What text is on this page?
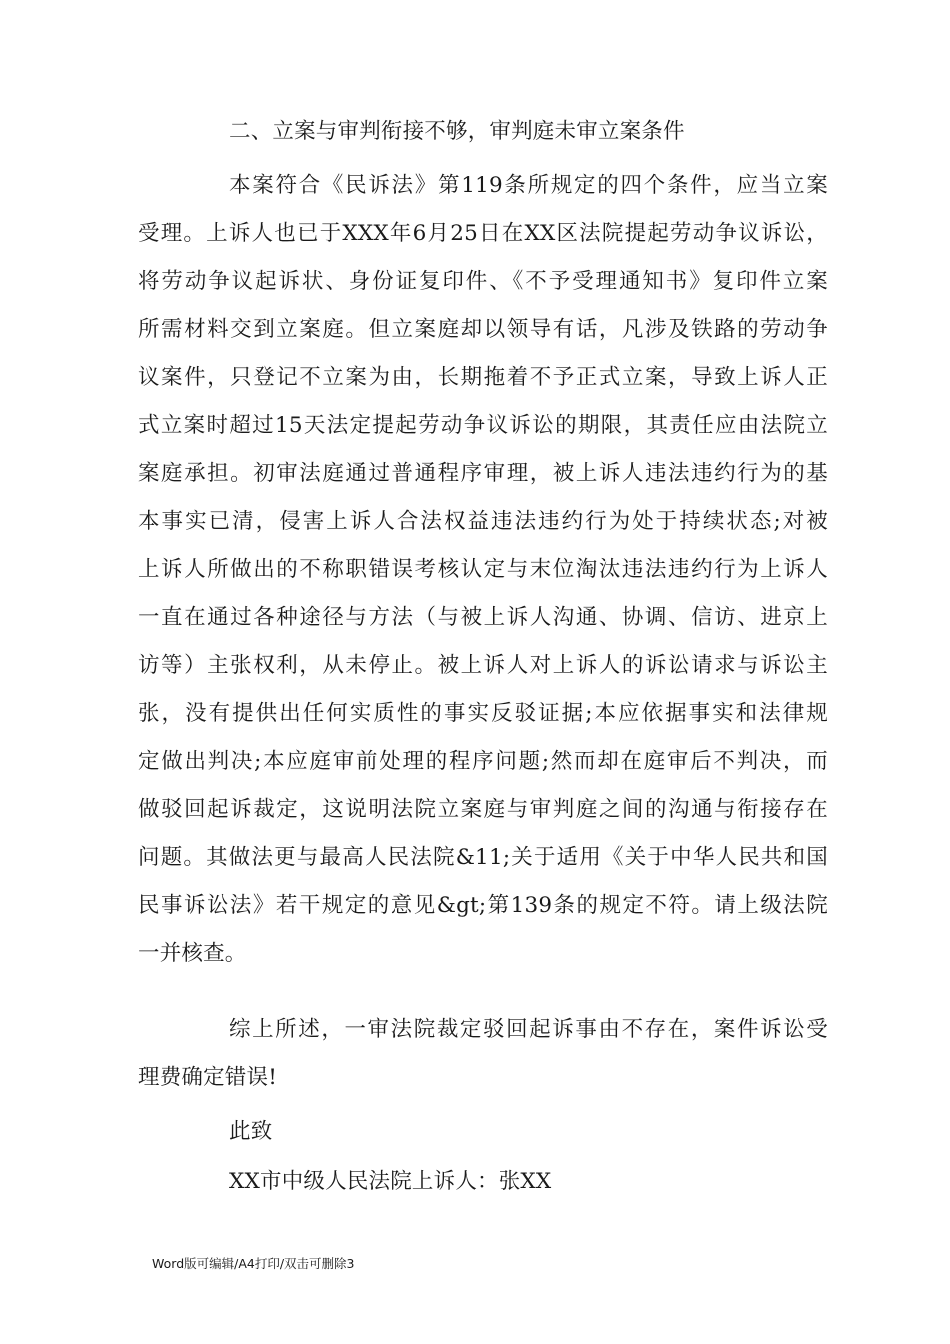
二、立案与审判衔接不够，审判庭未审立案条件
本案符合《民诉法》第119条所规定的四个条件，应当立案
受理。上诉人也已于XXX年6月25日在XX区法院提起劳动争议诉讼，
将劳动争议起诉状、身份证复印件、《不予受理通知书》复印件立案
所需材料交到立案庭。但立案庭却以领导有话，凡涉及铁路的劳动争
议案件，只登记不立案为由，长期拖着不予正式立案，导致上诉人正
式立案时超过15天法定提起劳动争议诉讼的期限，其责任应由法院立
案庭承担。初审法庭通过普通程序审理，被上诉人违法违约行为的基
本事实已清，侵害上诉人合法权益违法违约行为处于持续状态;对被
上诉人所做出的不称职错误考核认定与末位淘汰违法违约行为上诉人
一直在通过各种途径与方法（与被上诉人沟通、协调、信访、进京上
访等）主张权利，从未停止。被上诉人对上诉人的诉讼请求与诉讼主
张，没有提供出任何实质性的事实反驳证据;本应依据事实和法律规
定做出判决;本应庭审前处理的程序问题;然而却在庭审后不判决，而
做驳回起诉裁定，这说明法院立案庭与审判庭之间的沟通与衔接存在
问题。其做法更与最高人民法院&11;关于适用《关于中华人民共和国
民事诉讼法》若干规定的意见&gt;第139条的规定不符。请上级法院
一并核查。
综上所述，一审法院裁定驳回起诉事由不存在，案件诉讼受
理费确定错误!
此致
XX市中级人民法院上诉人：张XX
Word版可编辑/A4打印/双击可删除3
